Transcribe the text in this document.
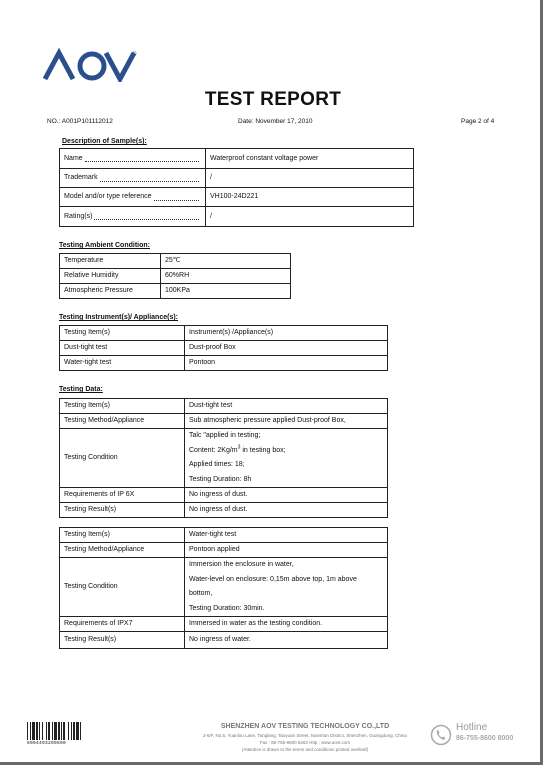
®
TEST REPORT
NO.: A001P101112012	Date: November 17, 2010	Page 2 of 4
Description of Sample(s):
Name	Waterproof constant voltage power

Trademark	/

Model and/or type reference	VH100-24D221

Rating(s)	/
Testing Ambient Condition:
Temperature	25℃
Relative Humidity	60%RH
Atmospheric Pressure	100KPa
Testing Instrument(s)/ Appliance(s):
Testing Item(s)	Instrument(s) /Appliance(s)
Dust-tight test	Dust-proof Box
Water-tight test	Pontoon
Testing Data:
Testing Item(s)	Dust-tight test
Testing Method/Appliance	Sub atmospheric pressure applied Dust-proof Box,
Testing Condition	Talc "applied in testing;
Content: $2Kg/m^3$ in testing box;
Applied times: 18;
Testing Duration: 8h

Requirements of IP 6X	No ingress of dust.
Testing Result(s)	No ingress of dust.
Testing Item(s)	Water-tight test
Testing Method/Appliance	Pontoon applied
Testing Condition	Immersion the enclosure in water,
Water-level on enclosure: 0,15m above top, 1m above
bottom,
Testing Duration: 30min.

Requirements of IPX7	Immersed in water as the testing condition.
Testing Result(s)	No ingress of water.
6004403209800
SHENZHEN AOV TESTING TECHNOLOGY CO.,LTD
2-6/F, No.5, Yuanlou Lane, Tanglang, Taoyuan Street, Nanshan District, Shenzhen, Guangdong, China
Fax : 86-755-8600 6282 Http : www.aovt.com
(Attention is drawn to the terms and conditions printed overleaf)
Hotline
86-755-8600 8000
